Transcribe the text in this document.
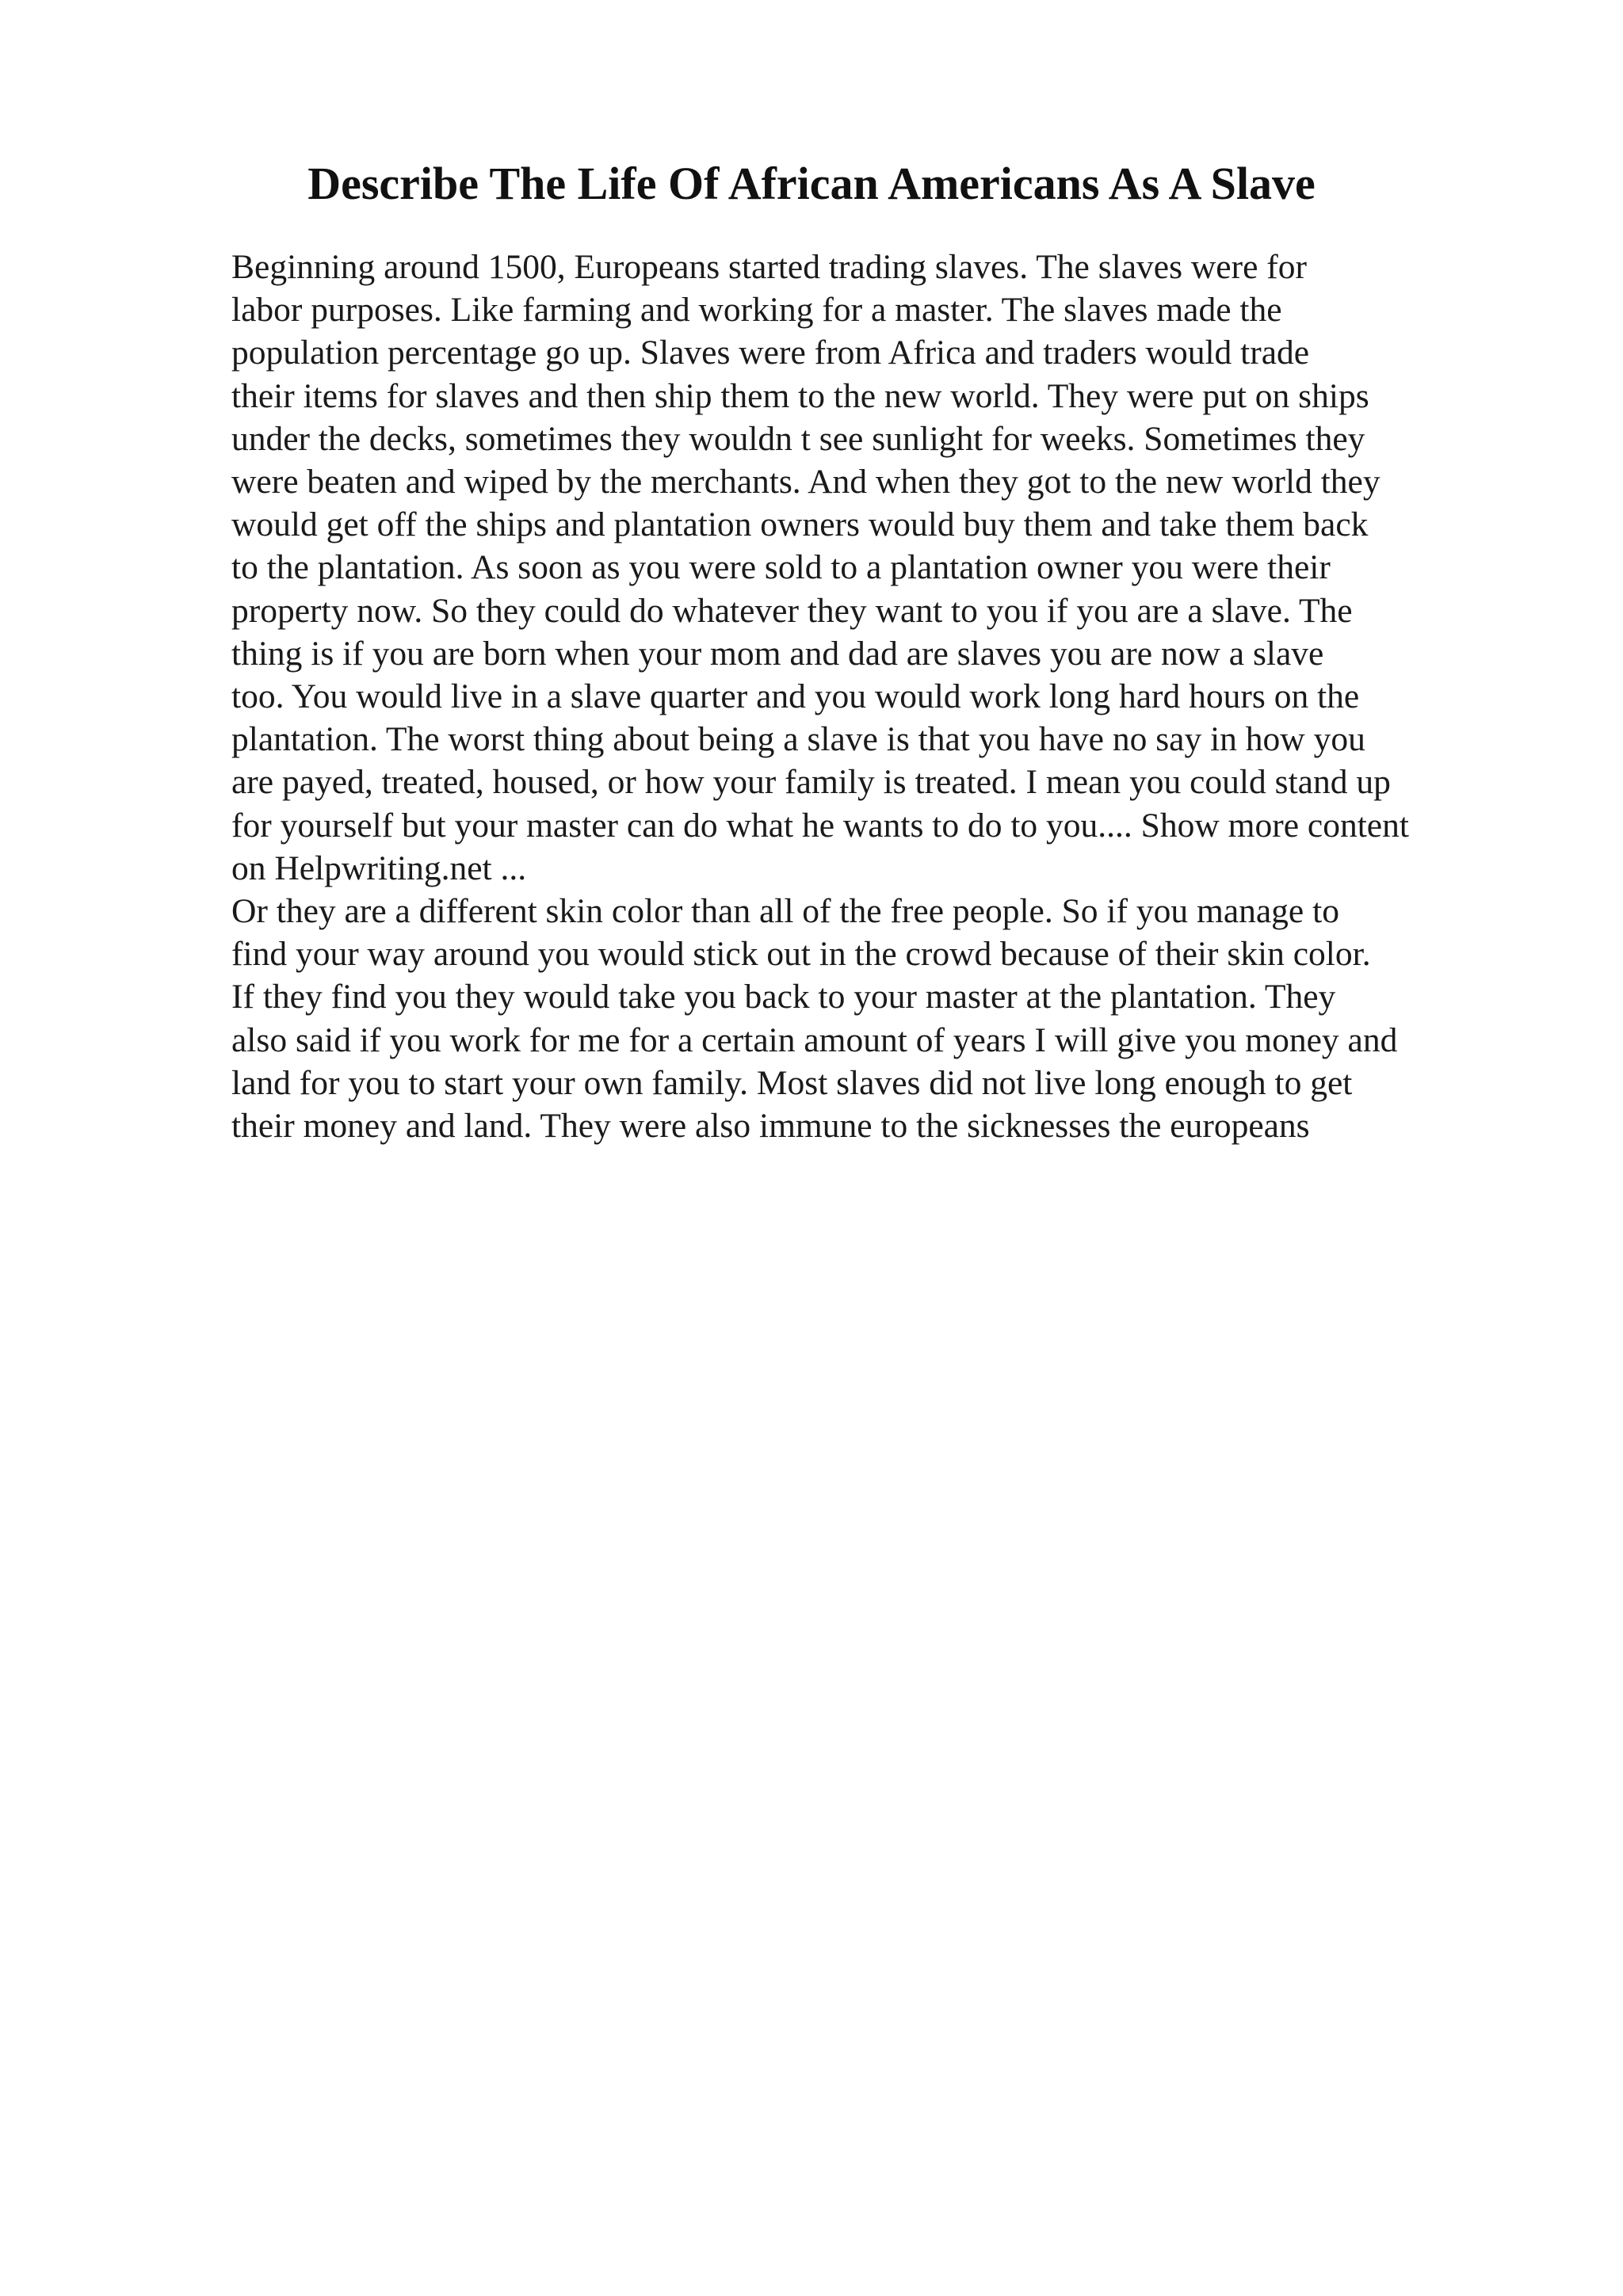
Describe The Life Of African Americans As A Slave
Beginning around 1500, Europeans started trading slaves. The slaves were for
labor purposes. Like farming and working for a master. The slaves made the
population percentage go up. Slaves were from Africa and traders would trade
their items for slaves and then ship them to the new world. They were put on ships
under the decks, sometimes they wouldn t see sunlight for weeks. Sometimes they
were beaten and wiped by the merchants. And when they got to the new world they
would get off the ships and plantation owners would buy them and take them back
to the plantation. As soon as you were sold to a plantation owner you were their
property now. So they could do whatever they want to you if you are a slave. The
thing is if you are born when your mom and dad are slaves you are now a slave
too. You would live in a slave quarter and you would work long hard hours on the
plantation. The worst thing about being a slave is that you have no say in how you
are payed, treated, housed, or how your family is treated. I mean you could stand up
for yourself but your master can do what he wants to do to you.... Show more content
on Helpwriting.net ...
Or they are a different skin color than all of the free people. So if you manage to
find your way around you would stick out in the crowd because of their skin color.
If they find you they would take you back to your master at the plantation. They
also said if you work for me for a certain amount of years I will give you money and
land for you to start your own family. Most slaves did not live long enough to get
their money and land. They were also immune to the sicknesses the europeans
